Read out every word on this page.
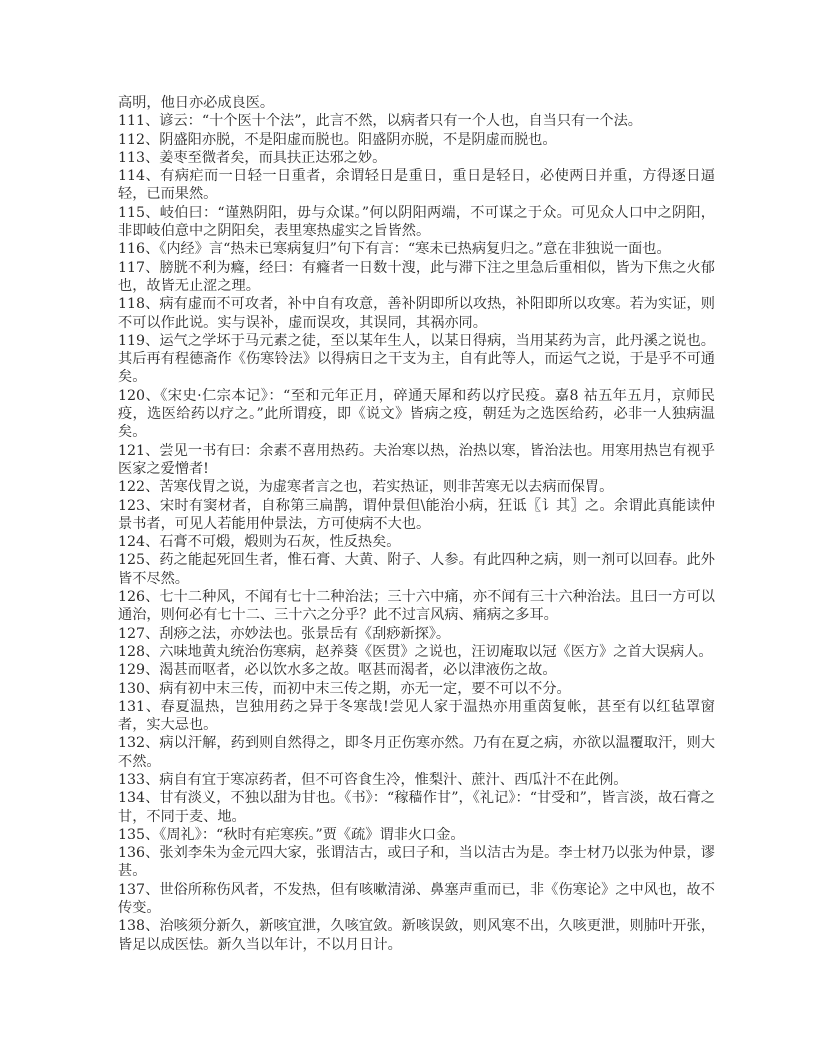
高明，他日亦必成良医。

111、谚云：“十个医十个法”，此言不然，以病者只有一个人也，自当只有一个法。

112、阴盛阳亦脱，不是阳虚而脱也。阳盛阴亦脱，不是阴虚而脱也。

113、姜枣至微者矣，而具扶正达邪之妙。

114、有病疟而一日轻一日重者，余谓轻日是重日，重日是轻日，必使两日并重，方得逐日逼轻，已而果然。

115、岐伯曰：“谨熟阴阳，毋与众谋。”何以阴阳两端，不可谋之于众。可见众人口中之阴阳，非即岐伯意中之阴阳矣，表里寒热虚实之旨皆然。

116、《内经》言“热未已寒病复归”句下有言：“寒未已热病复归之。”意在非独说一面也。

117、膀胱不利为癃，经曰：有癃者一日数十溲，此与滞下注之里急后重相似，皆为下焦之火郁也，故皆无止涩之理。

118、病有虚而不可攻者，补中自有攻意，善补阴即所以攻热，补阳即所以攻寒。若为实证，则不可以作此说。实与误补，虚而误攻，其误同，其祸亦同。

119、运气之学坏于马元素之徒，至以某年生人，以某日得病，当用某药为言，此丹溪之说也。其后再有程德斋作《伤寒铃法》以得病日之干支为主，自有此等人，而运气之说，于是乎不可通矣。

120、《宋史·仁宗本记》：“至和元年正月，碎通天犀和药以疗民疫。嘉8 祜五年五月，京师民疫，选医给药以疗之。”此所谓疫，即《说文》皆病之疫，朝廷为之选医给药，必非一人独病温矣。

121、尝见一书有曰：余素不喜用热药。夫治寒以热，治热以寒，皆治法也。用寒用热岂有视乎医家之爱憎者!

122、苦寒伐胃之说，为虚寒者言之也，若实热证，则非苦寒无以去病而保胃。

123、宋时有窦材者，自称第三扁鹊，谓仲景但\能治小病，狂诋〖讠其〗之。余谓此真能读仲景书者，可见人若能用仲景法，方可使病不大也。

124、石膏不可煅，煅则为石灰，性反热矣。

125、药之能起死回生者，惟石膏、大黄、附子、人参。有此四种之病，则一剂可以回春。此外皆不尽然。

126、七十二种风，不闻有七十二种治法；三十六中痛，亦不闻有三十六种治法。且曰一方可以通治，则何必有七十二、三十六之分乎？此不过言风病、痛病之多耳。

127、刮痧之法，亦妙法也。张景岳有《刮痧新探》。

128、六味地黄丸统治伤寒病，赵养葵《医贯》之说也，汪讱庵取以冠《医方》之首大误病人。

129、渴甚而呕者，必以饮水多之故。呕甚而渴者，必以津液伤之故。

130、病有初中末三传，而初中末三传之期，亦无一定，要不可以不分。

131、春夏温热，岂独用药之异于冬寒哉!尝见人家于温热亦用重茵复帐，甚至有以红毡罩窗者，实大忌也。

132、病以汗解，药到则自然得之，即冬月正伤寒亦然。乃有在夏之病，亦欲以温覆取汗，则大不然。

133、病自有宜于寒凉药者，但不可咨食生冷，惟梨汁、蔗汁、西瓜汁不在此例。

134、甘有淡义，不独以甜为甘也。《书》：“稼穑作甘”，《礼记》：“甘受和”，皆言淡，故石膏之甘，不同于麦、地。

135、《周礼》：“秋时有疟寒疾。”贾《疏》谓非火口金。

136、张刘李朱为金元四大家，张谓洁古，或曰子和，当以洁古为是。李士材乃以张为仲景，谬甚。

137、世俗所称伤风者，不发热，但有咳嗽清涕、鼻塞声重而已，非《伤寒论》之中风也，故不传变。

138、治咳须分新久，新咳宜泄，久咳宜敛。新咳误敛，则风寒不出，久咳更泄，则肺叶开张，皆足以成医怯。新久当以年计，不以月日计。
